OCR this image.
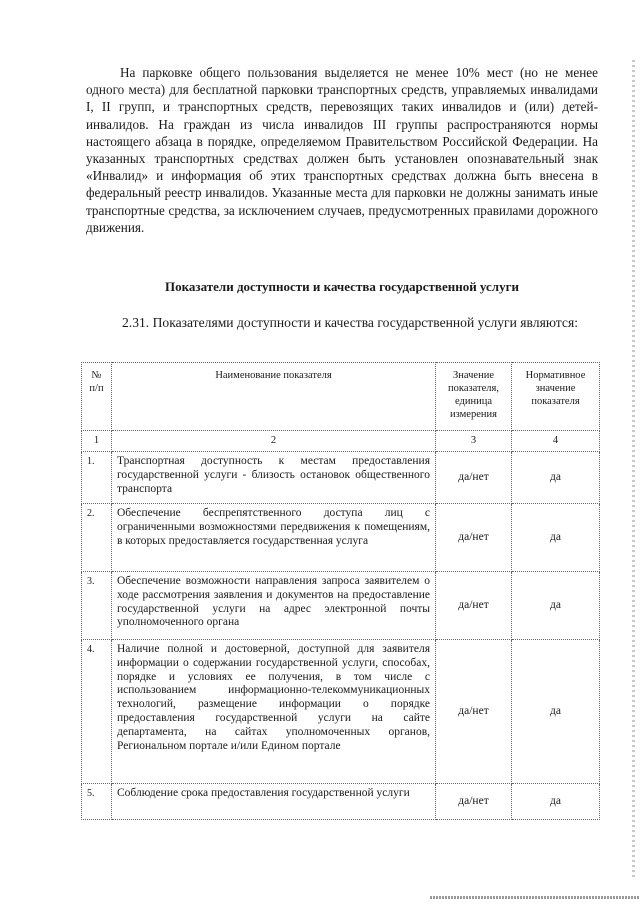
На парковке общего пользования выделяется не менее 10% мест (но не менее одного места) для бесплатной парковки транспортных средств, управляемых инвалидами I, II групп, и транспортных средств, перевозящих таких инвалидов и (или) детей-инвалидов. На граждан из числа инвалидов III группы распространяются нормы настоящего абзаца в порядке, определяемом Правительством Российской Федерации. На указанных транспортных средствах должен быть установлен опознавательный знак «Инвалид» и информация об этих транспортных средствах должна быть внесена в федеральный реестр инвалидов. Указанные места для парковки не должны занимать иные транспортные средства, за исключением случаев, предусмотренных правилами дорожного движения.

Показатели доступности и качества государственной услуги

2.31. Показателями доступности и качества государственной услуги являются:

№ п/п	Наименование показателя	Значение показателя, единица измерения	Нормативное значение показателя
1	2	3	4
1.	Транспортная доступность к местам предоставления государственной услуги - близость остановок общественного транспорта	да/нет	да
2.	Обеспечение беспрепятственного доступа лиц с ограниченными возможностями передвижения к помещениям, в которых предоставляется государственная услуга	да/нет	да
3.	Обеспечение возможности направления запроса заявителем о ходе рассмотрения заявления и документов на предоставление государственной услуги на адрес электронной почты уполномоченного органа	да/нет	да
4.	Наличие полной и достоверной, доступной для заявителя информации о содержании государственной услуги, способах, порядке и условиях ее получения, в том числе с использованием информационно-телекоммуникационных технологий, размещение информации о порядке предоставления государственной услуги на сайте департамента, на сайтах уполномоченных органов, Региональном портале и/или Едином портале	да/нет	да
5.	Соблюдение срока предоставления государственной услуги	да/нет	да
